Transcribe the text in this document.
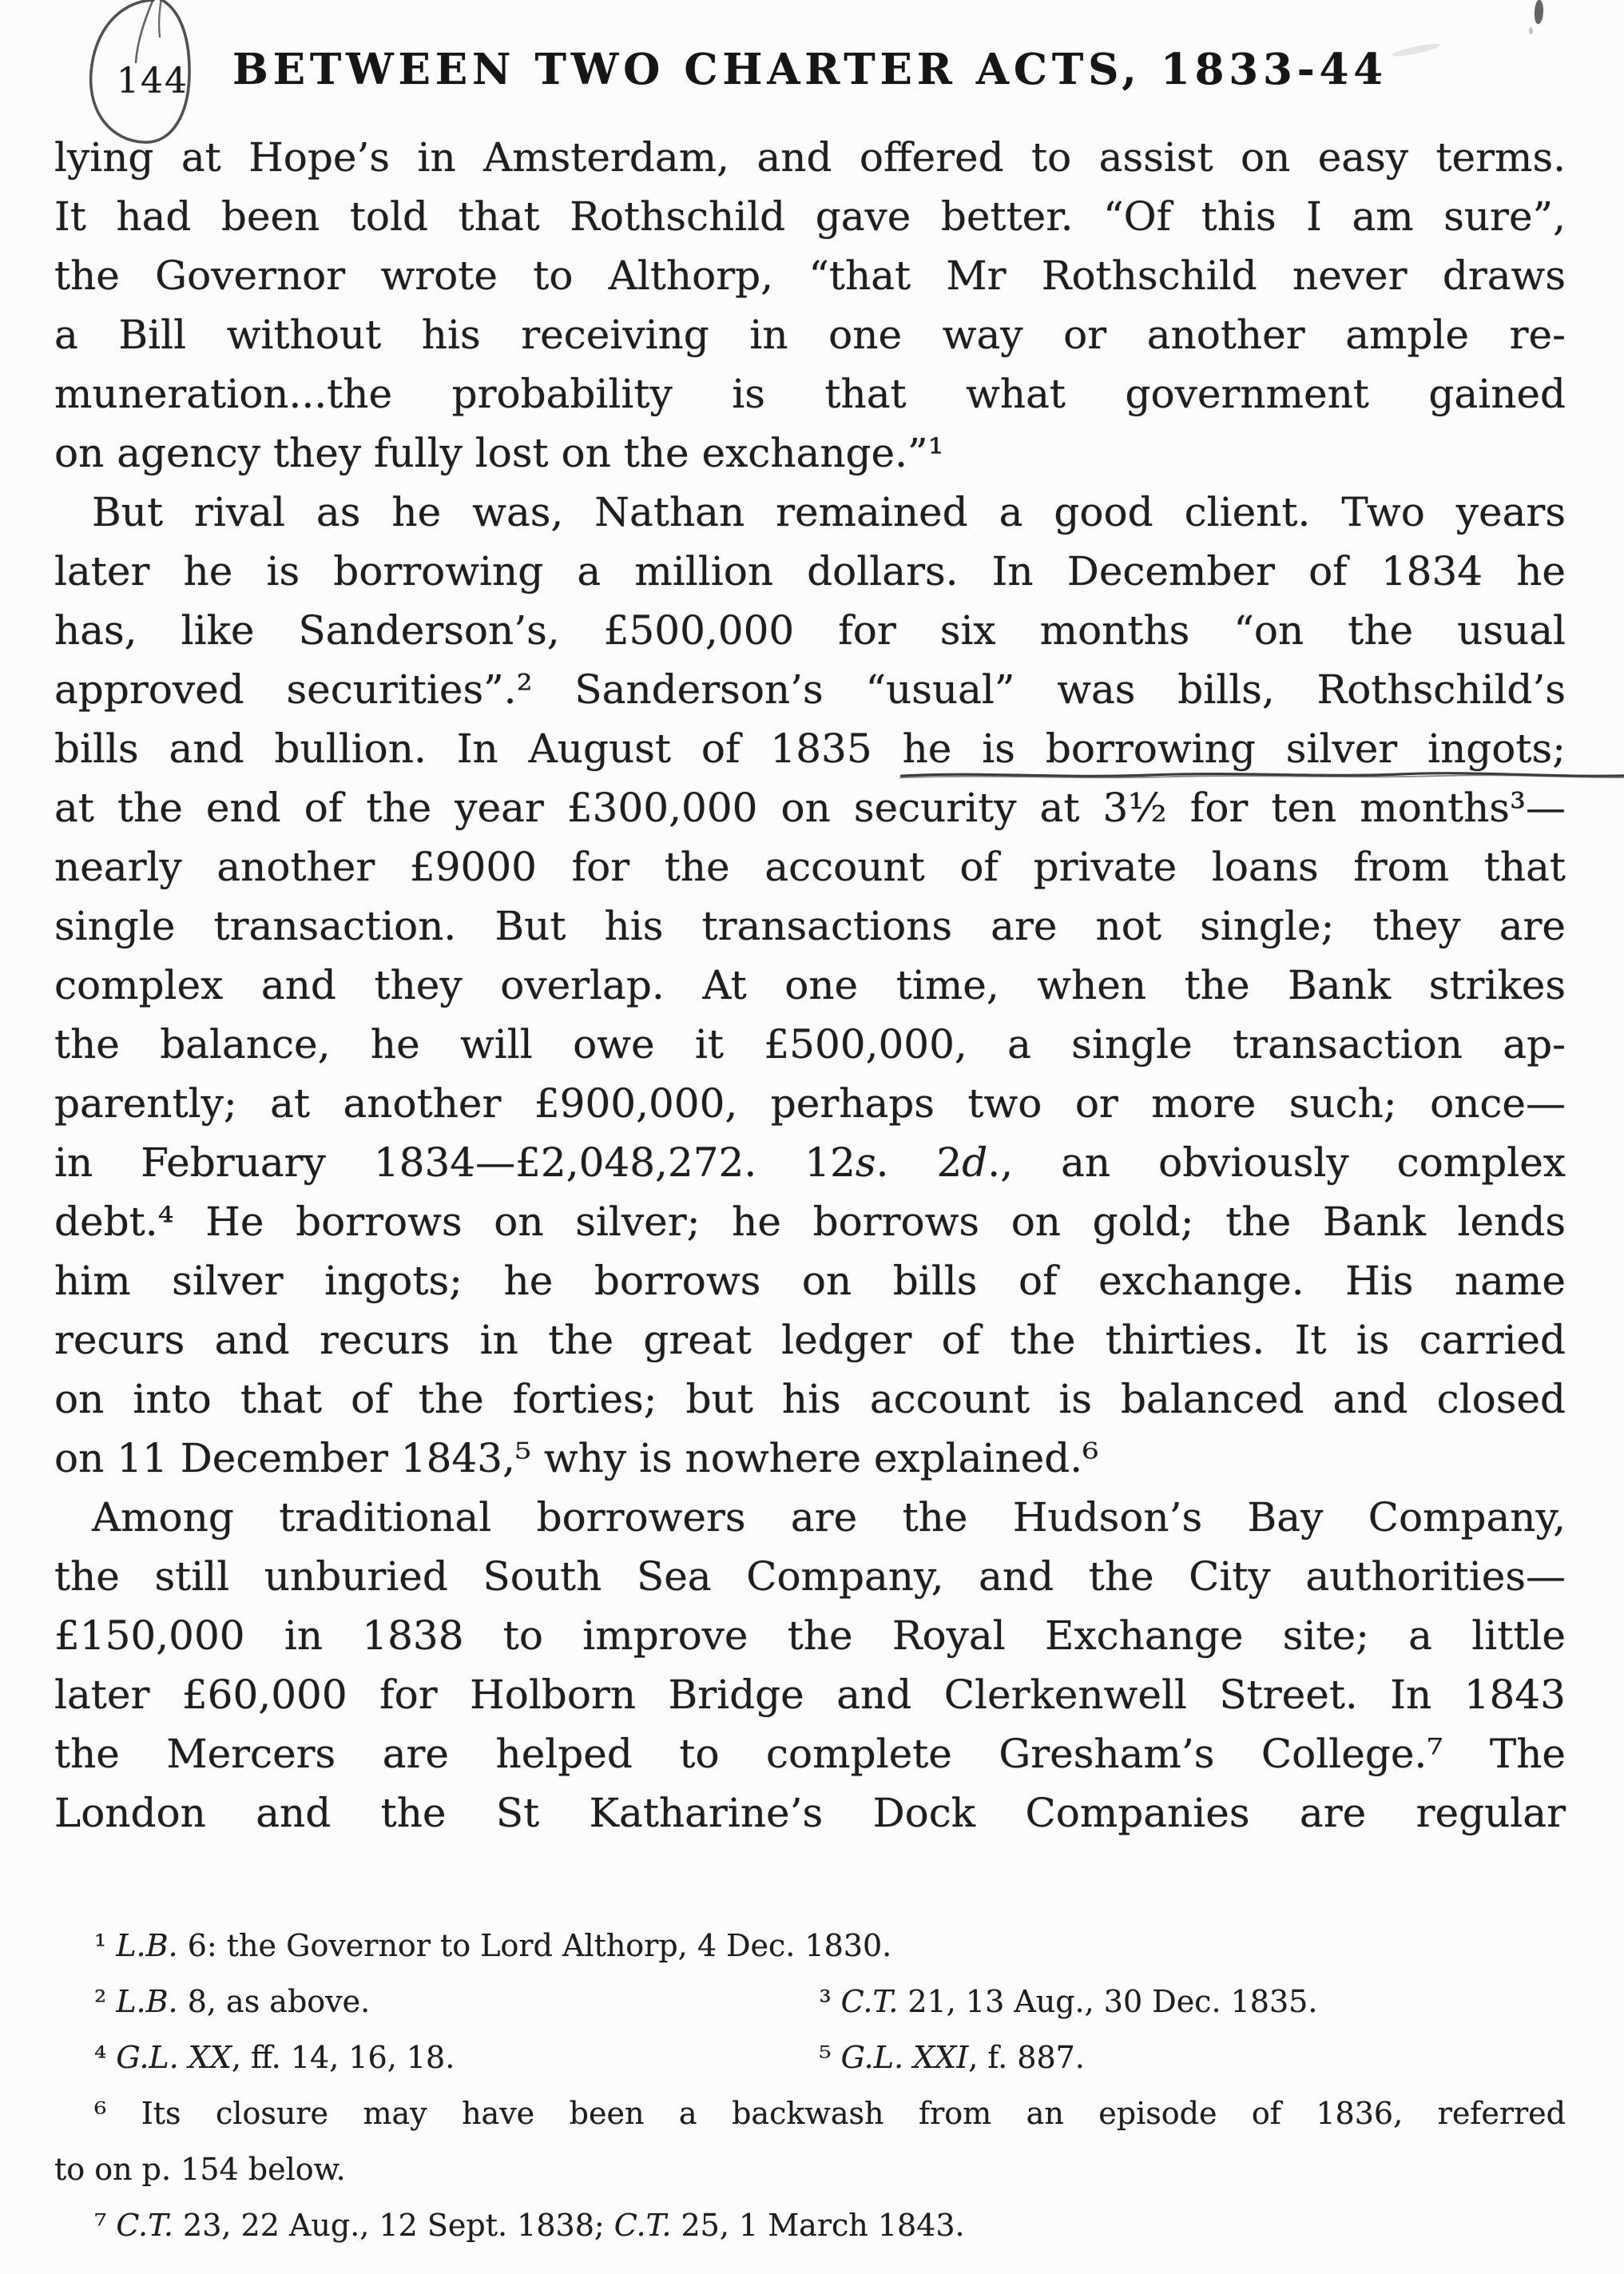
144	BETWEEN TWO CHARTER ACTS, 1833-44
lying at Hope’s in Amsterdam, and offered to assist on easy terms.
It had been told that Rothschild gave better. “Of this I am sure”,
the Governor wrote to Althorp, “that Mr Rothschild never draws
a Bill without his receiving in one way or another ample re-
muneration...the probability is that what government gained
on agency they fully lost on the exchange.”¹
But rival as he was, Nathan remained a good client. Two years
later he is borrowing a million dollars. In December of 1834 he
has, like Sanderson’s, £500,000 for six months “on the usual
approved securities”.² Sanderson’s “usual” was bills, Rothschild’s
bills and bullion. In August of 1835 he is borrowing silver ingots;
at the end of the year £300,000 on security at 3½ for ten months³—
nearly another £9000 for the account of private loans from that
single transaction. But his transactions are not single; they are
complex and they overlap. At one time, when the Bank strikes
the balance, he will owe it £500,000, a single transaction ap-
parently; at another £900,000, perhaps two or more such; once—
in February 1834—£2,048,272. 12s. 2d., an obviously complex
debt.⁴ He borrows on silver; he borrows on gold; the Bank lends
him silver ingots; he borrows on bills of exchange. His name
recurs and recurs in the great ledger of the thirties. It is carried
on into that of the forties; but his account is balanced and closed
on 11 December 1843,⁵ why is nowhere explained.⁶
Among traditional borrowers are the Hudson’s Bay Company,
the still unburied South Sea Company, and the City authorities—
£150,000 in 1838 to improve the Royal Exchange site; a little
later £60,000 for Holborn Bridge and Clerkenwell Street. In 1843
the Mercers are helped to complete Gresham’s College.⁷ The
London and the St Katharine’s Dock Companies are regular
¹ L.B. 6: the Governor to Lord Althorp, 4 Dec. 1830.
² L.B. 8, as above.	³ C.T. 21, 13 Aug., 30 Dec. 1835.
⁴ G.L. XX, ff. 14, 16, 18.	⁵ G.L. XXI, f. 887.
⁶ Its closure may have been a backwash from an episode of 1836, referred
to on p. 154 below.
⁷ C.T. 23, 22 Aug., 12 Sept. 1838; C.T. 25, 1 March 1843.
